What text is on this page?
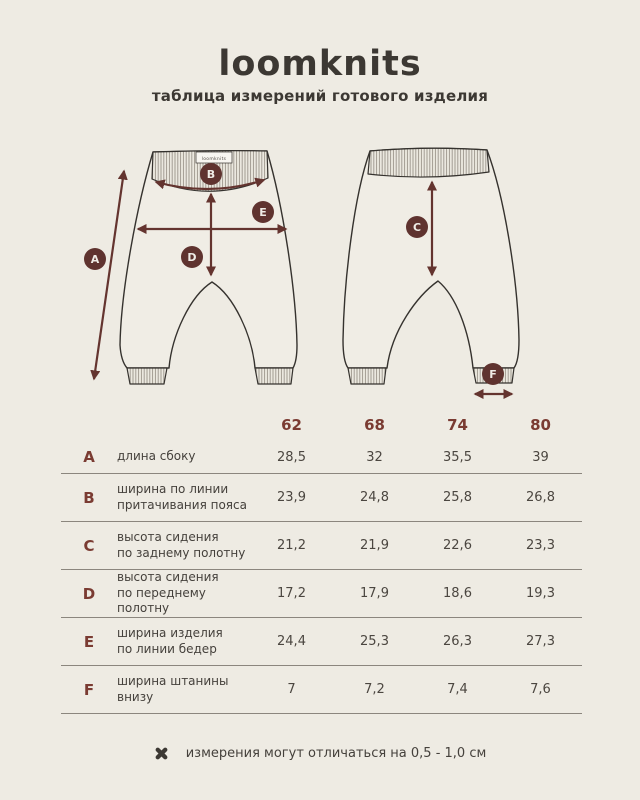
loomknits
таблица измерений готового изделия
loomknits
A
B
D
E
C
F
62	68	74	80
A	длина сбоку	28,5	32	35,5	39
B	ширина по линии
притачивания пояса	23,9	24,8	25,8	26,8
C	высота сидения
по заднему полотну	21,2	21,9	22,6	23,3
D
высота сидения
по переднему полотну
17,2	17,9	18,6	19,3
E	ширина изделия
по линии бедер	24,4	25,3	26,3	27,3
F	ширина штанины
внизу	7	7,2	7,4	7,6
измерения могут отличаться на 0,5 - 1,0 см
